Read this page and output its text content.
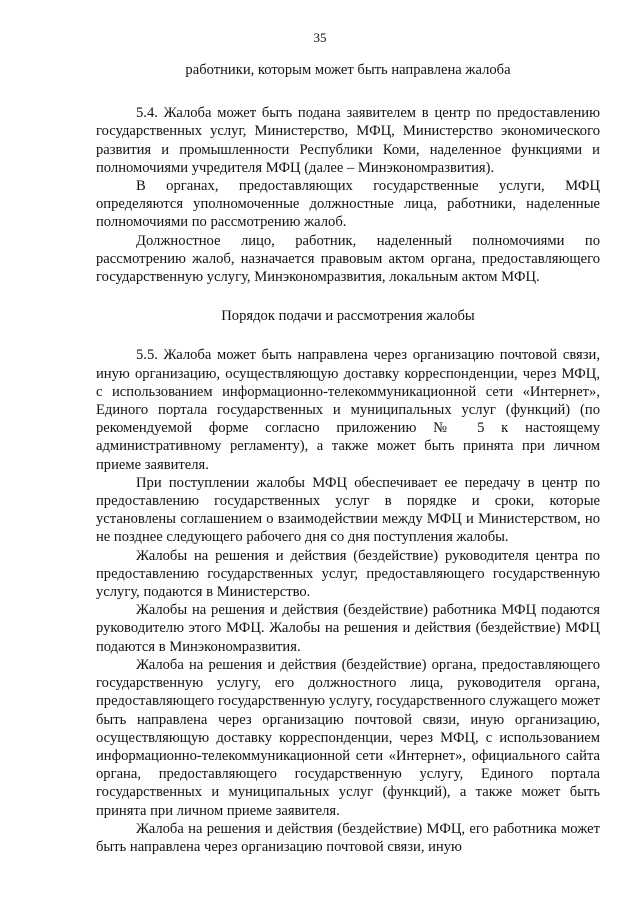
35

работники, которым может быть направлена жалоба

5.4. Жалоба может быть подана заявителем в центр по предоставлению государственных услуг, Министерство, МФЦ, Министерство экономического развития и промышленности Республики Коми, наделенное функциями и полномочиями учредителя МФЦ (далее – Минэкономразвития).

В органах, предоставляющих государственные услуги, МФЦ определяются уполномоченные должностные лица, работники, наделенные полномочиями по рассмотрению жалоб.

Должностное лицо, работник, наделенный полномочиями по рассмотрению жалоб, назначается правовым актом органа, предоставляющего государственную услугу, Минэкономразвития, локальным актом МФЦ.

Порядок подачи и рассмотрения жалобы

5.5. Жалоба может быть направлена через организацию почтовой связи, иную организацию, осуществляющую доставку корреспонденции, через МФЦ, с использованием информационно-телекоммуникационной сети «Интернет», Единого портала государственных и муниципальных услуг (функций) (по рекомендуемой форме согласно приложению № 5 к настоящему административному регламенту), а также может быть принята при личном приеме заявителя.

При поступлении жалобы МФЦ обеспечивает ее передачу в центр по предоставлению государственных услуг в порядке и сроки, которые установлены соглашением о взаимодействии между МФЦ и Министерством, но не позднее следующего рабочего дня со дня поступления жалобы.

Жалобы на решения и действия (бездействие) руководителя центра по предоставлению государственных услуг, предоставляющего государственную услугу, подаются в Министерство.

Жалобы на решения и действия (бездействие) работника МФЦ подаются руководителю этого МФЦ. Жалобы на решения и действия (бездействие) МФЦ подаются в Минэкономразвития.

Жалоба на решения и действия (бездействие) органа, предоставляющего государственную услугу, его должностного лица, руководителя органа, предоставляющего государственную услугу, государственного служащего может быть направлена через организацию почтовой связи, иную организацию, осуществляющую доставку корреспонденции, через МФЦ, с использованием информационно-телекоммуникационной сети «Интернет», официального сайта органа, предоставляющего государственную услугу, Единого портала государственных и муниципальных услуг (функций), а также может быть принята при личном приеме заявителя.

Жалоба на решения и действия (бездействие) МФЦ, его работника может быть направлена через организацию почтовой связи, иную
